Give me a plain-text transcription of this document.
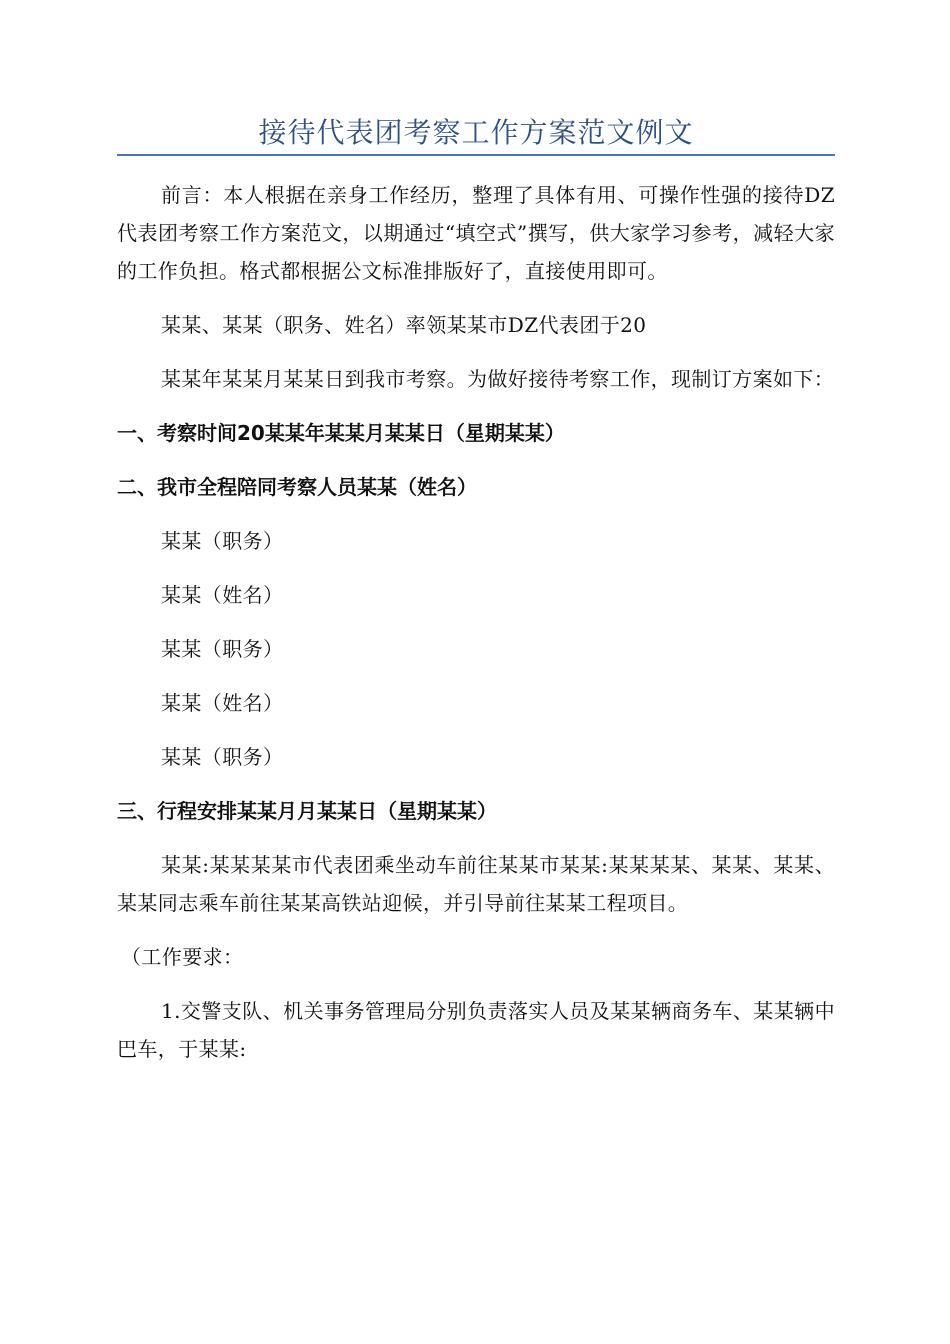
接待代表团考察工作方案范文例文

前言：本人根据在亲身工作经历，整理了具体有用、可操作性强的接待DZ代表团考察工作方案范文，以期通过“填空式”撰写，供大家学习参考，减轻大家的工作负担。格式都根据公文标准排版好了，直接使用即可。

某某、某某（职务、姓名）率领某某市DZ代表团于20

某某年某某月某某日到我市考察。为做好接待考察工作，现制订方案如下：

一、考察时间20某某年某某月某某日（星期某某）
二、我市全程陪同考察人员某某（姓名）

某某（职务）

某某（姓名）

某某（职务）

某某（姓名）

某某（职务）

三、行程安排某某月月某某日（星期某某）

某某:某某某某市代表团乘坐动车前往某某市某某:某某某某、某某、某某、某某同志乘车前往某某高铁站迎候，并引导前往某某工程项目。

（工作要求：

1.交警支队、机关事务管理局分别负责落实人员及某某辆商务车、某某辆中巴车，于某某:
